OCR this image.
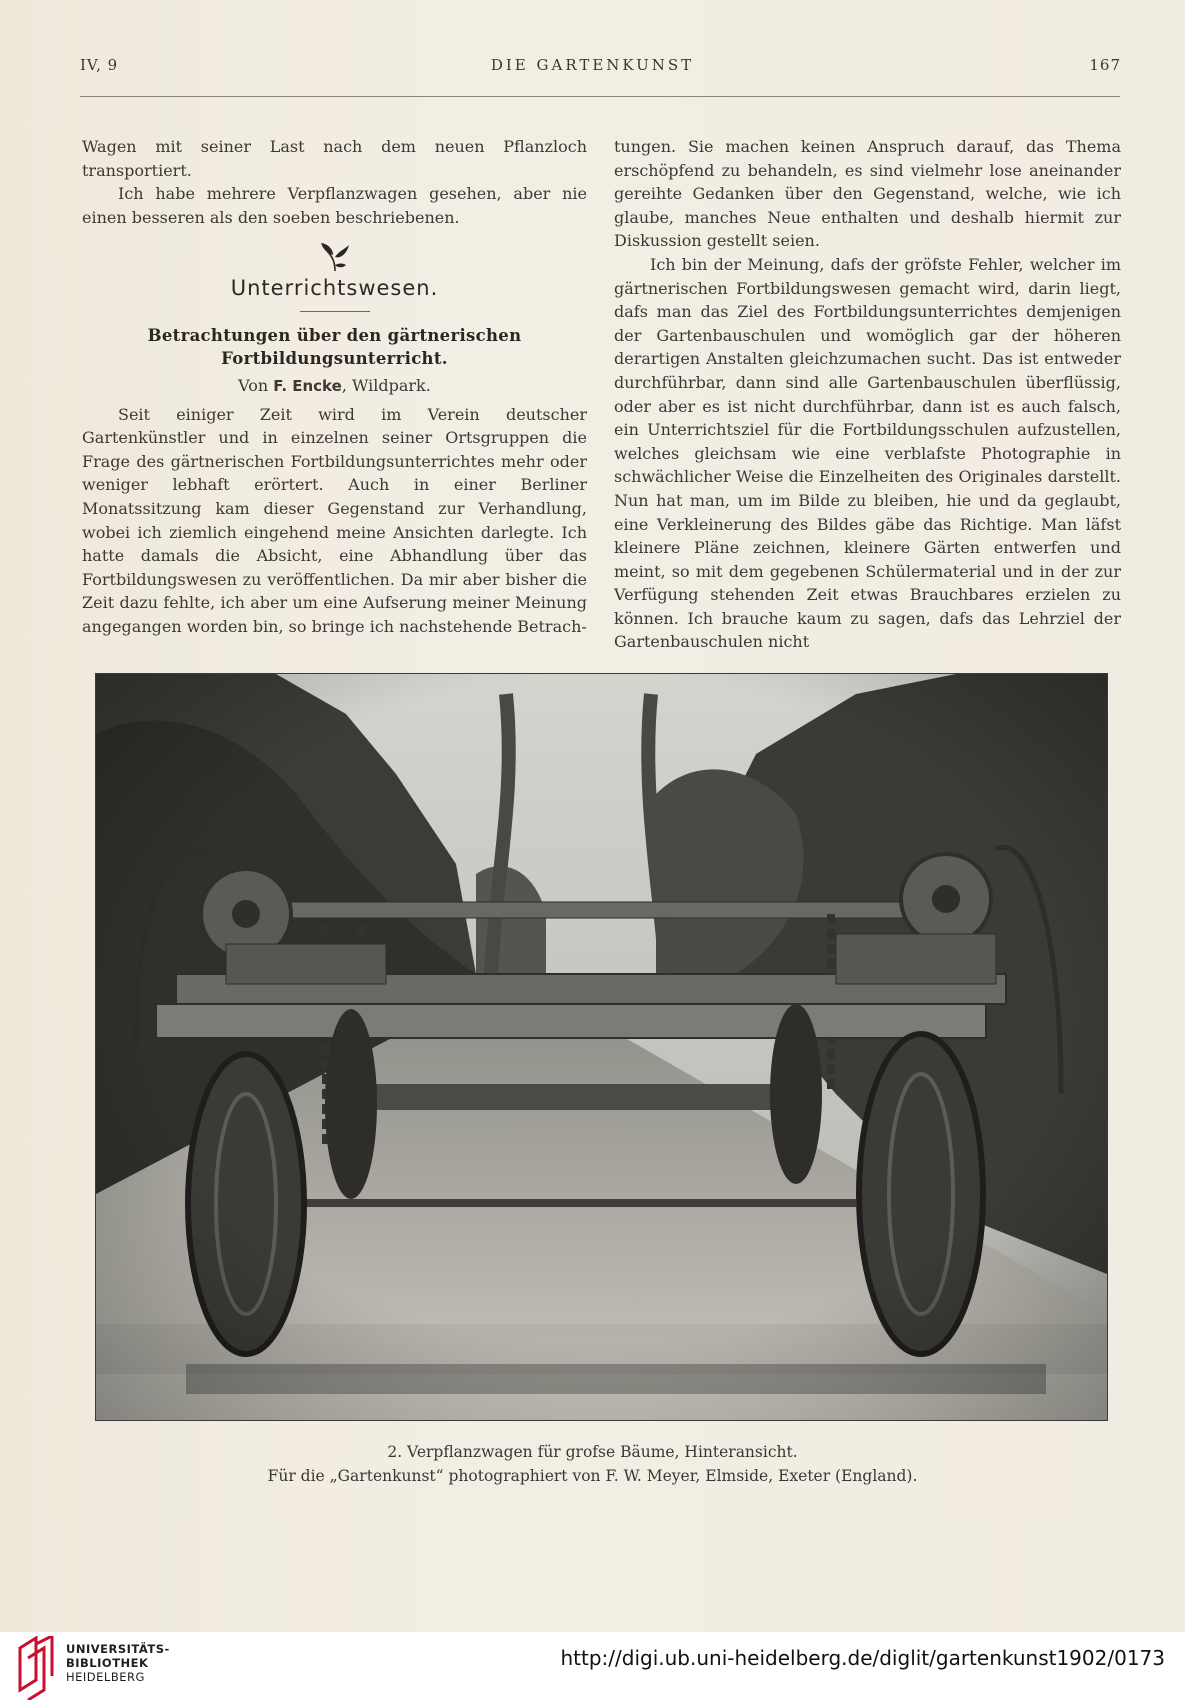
DIE GARTENKUNST
IV, 9	167

Wagen mit seiner Last nach dem neuen Pflanzloch transportiert.

Ich habe mehrere Verpflanzwagen gesehen, aber nie einen besseren als den soeben beschriebenen.

Unterrichtswesen.
Betrachtungen über den gärtnerischen Fortbildungsunterricht.
Von F. Encke, Wildpark.

Seit einiger Zeit wird im Verein deutscher Gartenkünstler und in einzelnen seiner Ortsgruppen die Frage des gärtnerischen Fortbildungsunterrichtes mehr oder weniger lebhaft erörtert. Auch in einer Berliner Monatssitzung kam dieser Gegenstand zur Verhandlung, wobei ich ziemlich eingehend meine Ansichten darlegte. Ich hatte damals die Absicht, eine Abhandlung über das Fortbildungswesen zu veröffentlichen. Da mir aber bisher die Zeit dazu fehlte, ich aber um eine Aufserung meiner Meinung angegangen worden bin, so bringe ich nachstehende Betrach-

tungen. Sie machen keinen Anspruch darauf, das Thema erschöpfend zu behandeln, es sind vielmehr lose aneinander gereihte Gedanken über den Gegenstand, welche, wie ich glaube, manches Neue enthalten und deshalb hiermit zur Diskussion gestellt seien.

Ich bin der Meinung, dafs der gröfste Fehler, welcher im gärtnerischen Fortbildungswesen gemacht wird, darin liegt, dafs man das Ziel des Fortbildungsunterrichtes demjenigen der Gartenbauschulen und womöglich gar der höheren derartigen Anstalten gleichzumachen sucht. Das ist entweder durchführbar, dann sind alle Gartenbauschulen überflüssig, oder aber es ist nicht durchführbar, dann ist es auch falsch, ein Unterrichtsziel für die Fortbildungsschulen aufzustellen, welches gleichsam wie eine verblafste Photographie in schwächlicher Weise die Einzelheiten des Originales darstellt. Nun hat man, um im Bilde zu bleiben, hie und da geglaubt, eine Verkleinerung des Bildes gäbe das Richtige. Man läfst kleinere Pläne zeichnen, kleinere Gärten entwerfen und meint, so mit dem gegebenen Schülermaterial und in der zur Verfügung stehenden Zeit etwas Brauchbares erzielen zu können. Ich brauche kaum zu sagen, dafs das Lehrziel der Gartenbauschulen nicht

2. Verpflanzwagen für grofse Bäume, Hinteransicht.
Für die „Gartenkunst“ photographiert von F. W. Meyer, Elmside, Exeter (England).
UNIVERSITÄTS-
BIBLIOTHEK
HEIDELBERG
http://digi.ub.uni-heidelberg.de/diglit/gartenkunst1902/0173
